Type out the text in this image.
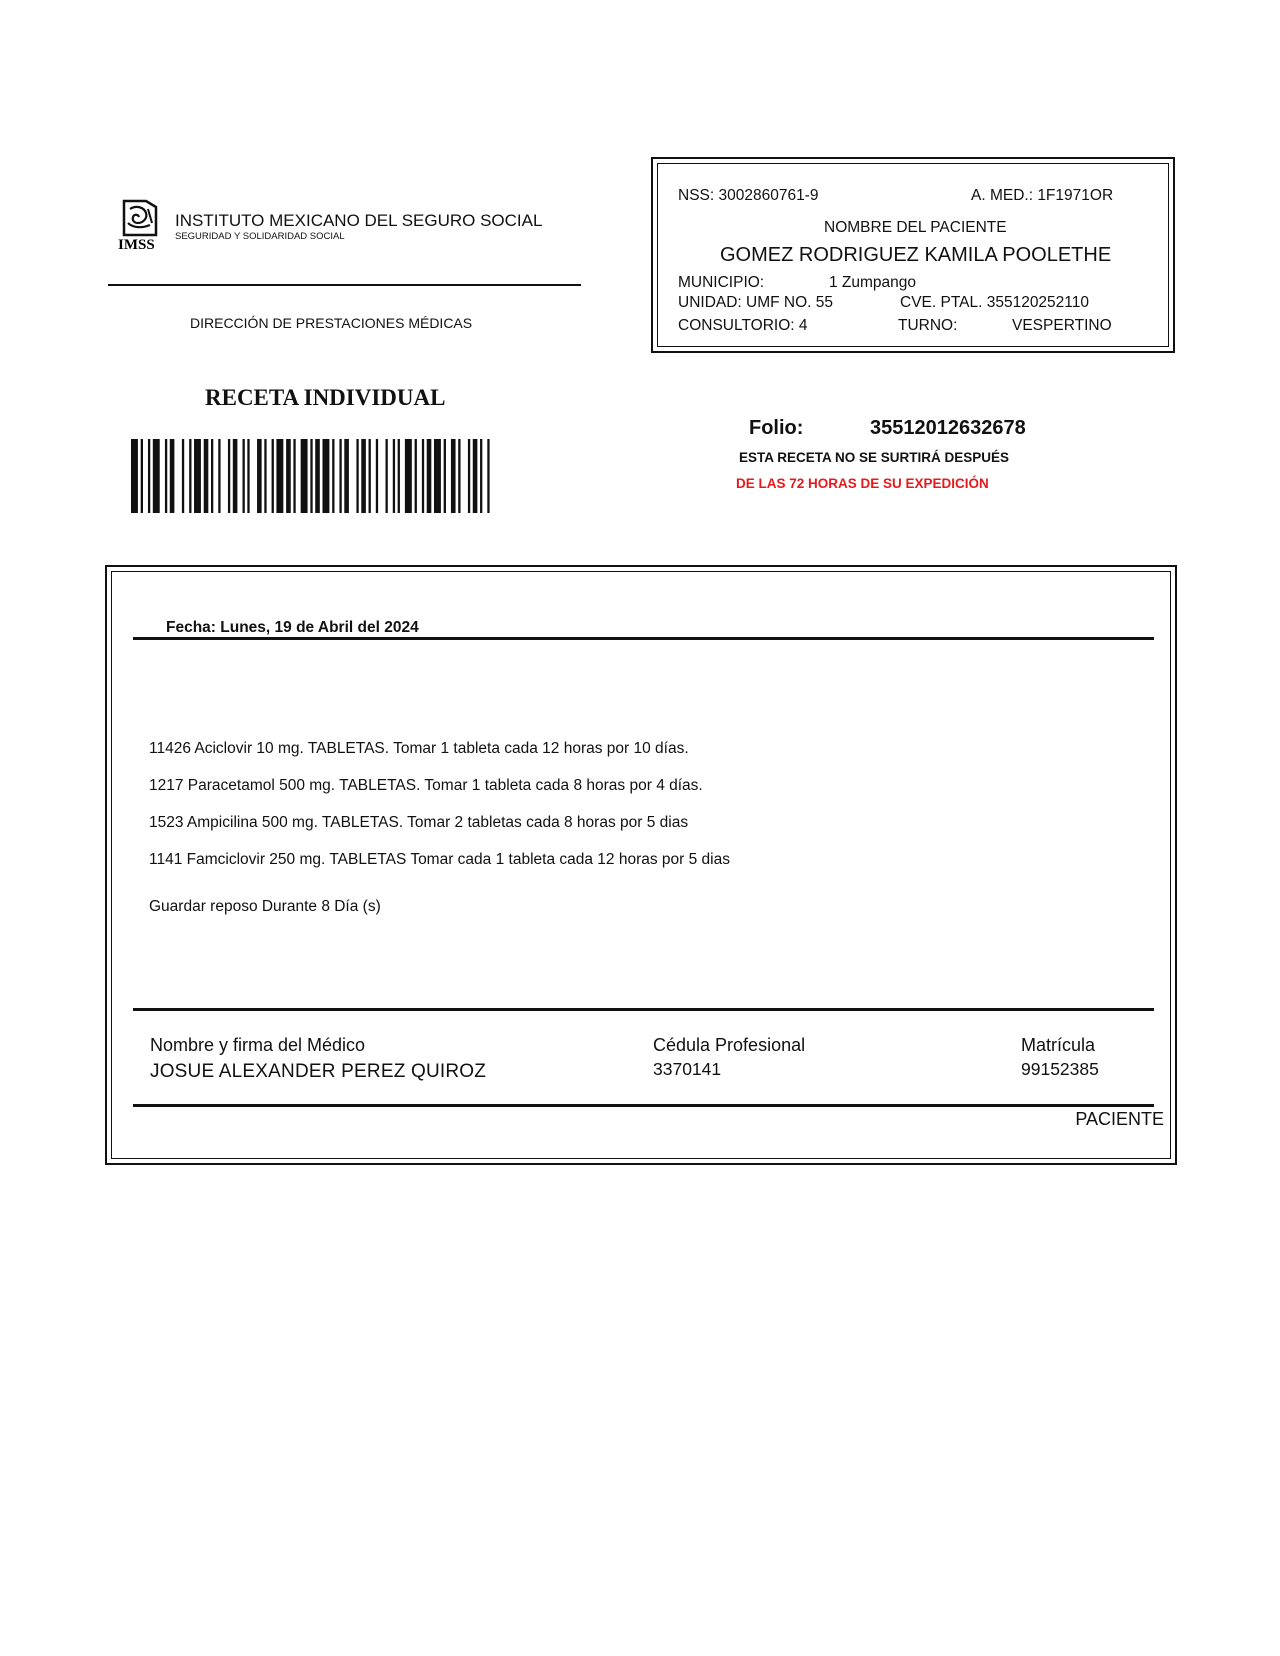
IMSS
INSTITUTO MEXICANO DEL SEGURO SOCIAL
SEGURIDAD Y SOLIDARIDAD SOCIAL
DIRECCIÓN DE PRESTACIONES MÉDICAS
RECETA INDIVIDUAL
NSS: 3002860761-9	A. MED.: 1F1971OR
NOMBRE DEL PACIENTE
GOMEZ RODRIGUEZ KAMILA POOLETHE
MUNICIPIO:	1 Zumpango
UNIDAD: UMF NO. 55	CVE. PTAL. 355120252110
CONSULTORIO: 4	TURNO:	VESPERTINO
Folio:	35512012632678
ESTA RECETA NO SE SURTIRÁ DESPUÉS
DE LAS 72 HORAS DE SU EXPEDICIÓN
Fecha: Lunes, 19 de Abril del 2024
11426 Aciclovir 10 mg. TABLETAS. Tomar 1 tableta cada 12 horas por 10 días.
1217 Paracetamol 500 mg. TABLETAS. Tomar 1 tableta cada 8 horas por 4 días.
1523 Ampicilina 500 mg. TABLETAS. Tomar 2 tabletas cada 8 horas por 5 dias
1141 Famciclovir 250 mg. TABLETAS Tomar cada 1 tableta cada 12 horas por 5 dias
Guardar reposo Durante 8 Día (s)
Nombre y firma del Médico
JOSUE ALEXANDER PEREZ QUIROZ
Cédula Profesional
3370141
Matrícula
99152385
PACIENTE
